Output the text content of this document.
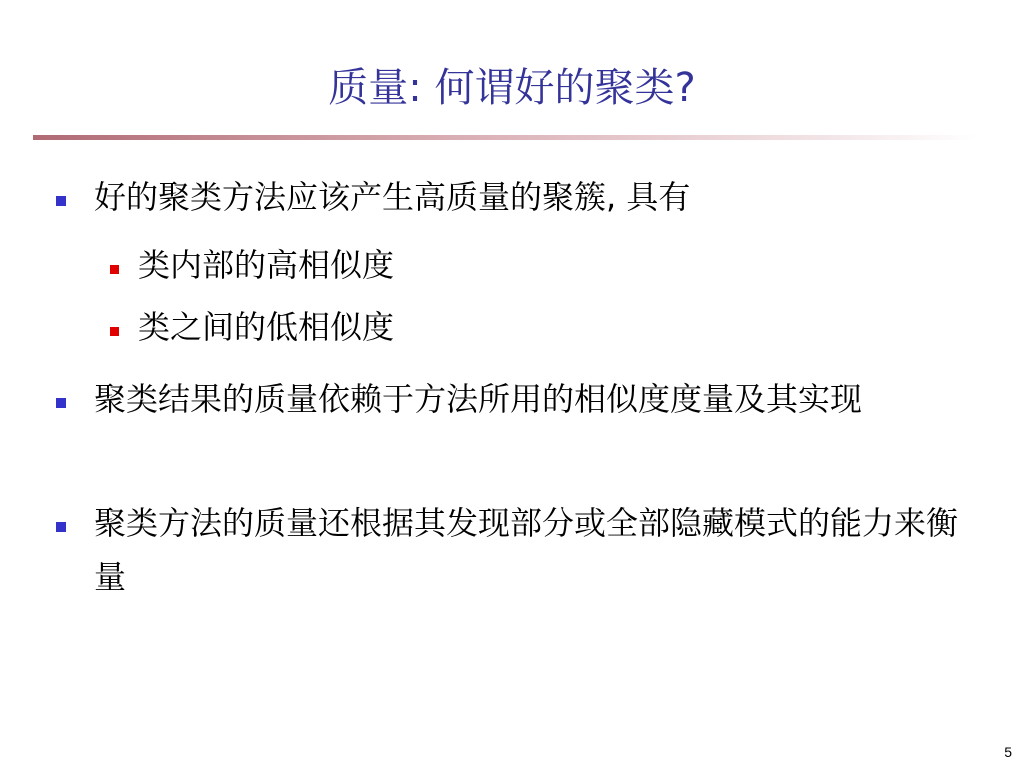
质量: 何谓好的聚类?
好的聚类方法应该产生高质量的聚簇, 具有
类内部的高相似度
类之间的低相似度
聚类结果的质量依赖于方法所用的相似度度量及其实现
聚类方法的质量还根据其发现部分或全部隐藏模式的能力来衡量
5
